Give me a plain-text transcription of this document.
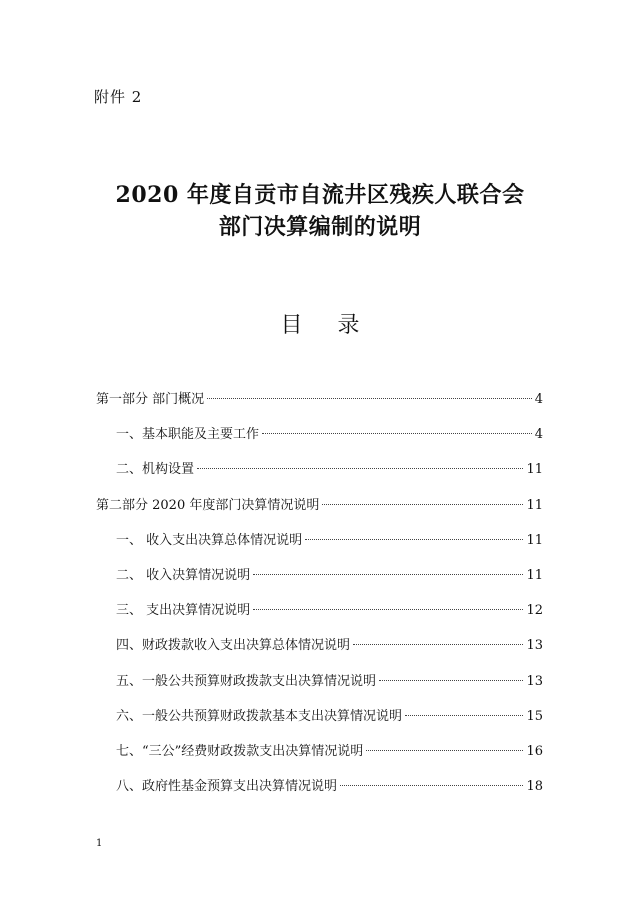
附件 2
2020 年度自贡市自流井区残疾人联合会
部门决算编制的说明
目 录
第一部分 部门概况	4
一、基本职能及主要工作	4
二、机构设置	11
第二部分 2020 年度部门决算情况说明	11
一、 收入支出决算总体情况说明	11
二、 收入决算情况说明	11
三、 支出决算情况说明	12
四、财政拨款收入支出决算总体情况说明	13
五、一般公共预算财政拨款支出决算情况说明	13
六、一般公共预算财政拨款基本支出决算情况说明	15
七、“三公”经费财政拨款支出决算情况说明	16
八、政府性基金预算支出决算情况说明	18
1
